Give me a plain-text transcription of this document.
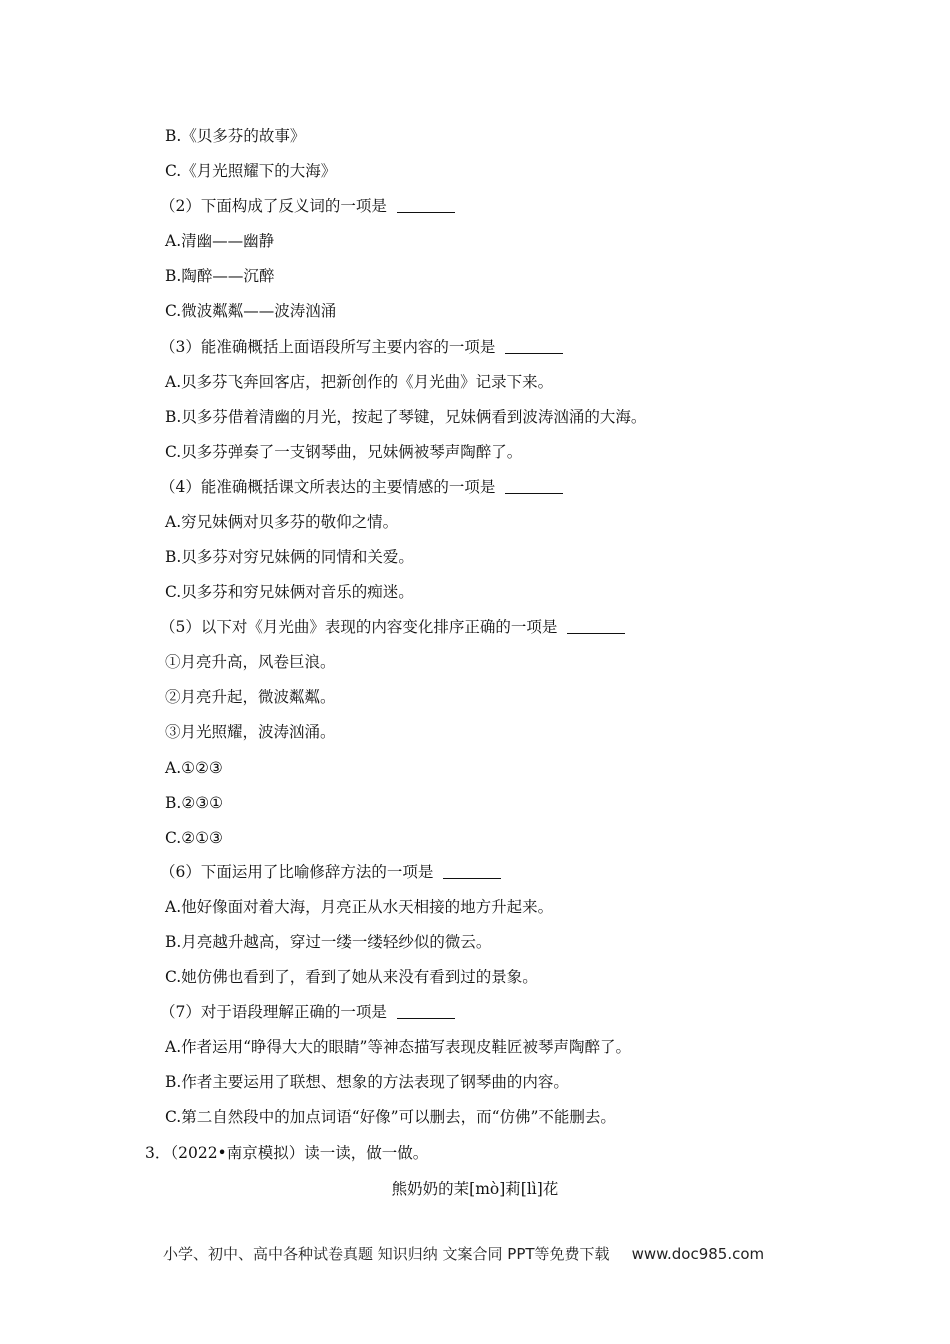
B.《贝多芬的故事》
C.《月光照耀下的大海》
（2）下面构成了反义词的一项是
A.清幽——幽静
B.陶醉——沉醉
C.微波粼粼——波涛汹涌
（3）能准确概括上面语段所写主要内容的一项是
A.贝多芬飞奔回客店，把新创作的《月光曲》记录下来。
B.贝多芬借着清幽的月光，按起了琴键，兄妹俩看到波涛汹涌的大海。
C.贝多芬弹奏了一支钢琴曲，兄妹俩被琴声陶醉了。
（4）能准确概括课文所表达的主要情感的一项是
A.穷兄妹俩对贝多芬的敬仰之情。
B.贝多芬对穷兄妹俩的同情和关爱。
C.贝多芬和穷兄妹俩对音乐的痴迷。
（5）以下对《月光曲》表现的内容变化排序正确的一项是
①月亮升高，风卷巨浪。
②月亮升起，微波粼粼。
③月光照耀，波涛汹涌。
A.①②③
B.②③①
C.②①③
（6）下面运用了比喻修辞方法的一项是
A.他好像面对着大海，月亮正从水天相接的地方升起来。
B.月亮越升越高，穿过一缕一缕轻纱似的微云。
C.她仿佛也看到了，看到了她从来没有看到过的景象。
（7）对于语段理解正确的一项是
A.作者运用“睁得大大的眼睛”等神态描写表现皮鞋匠被琴声陶醉了。
B.作者主要运用了联想、想象的方法表现了钢琴曲的内容。
C.第二自然段中的加点词语“好像”可以删去，而“仿佛”不能删去。
3．（2022•南京模拟）读一读，做一做。
熊奶奶的茉[mò]莉[lì]花
小学、初中、高中各种试卷真题 知识归纳 文案合同 PPT等免费下载 www.doc985.com
